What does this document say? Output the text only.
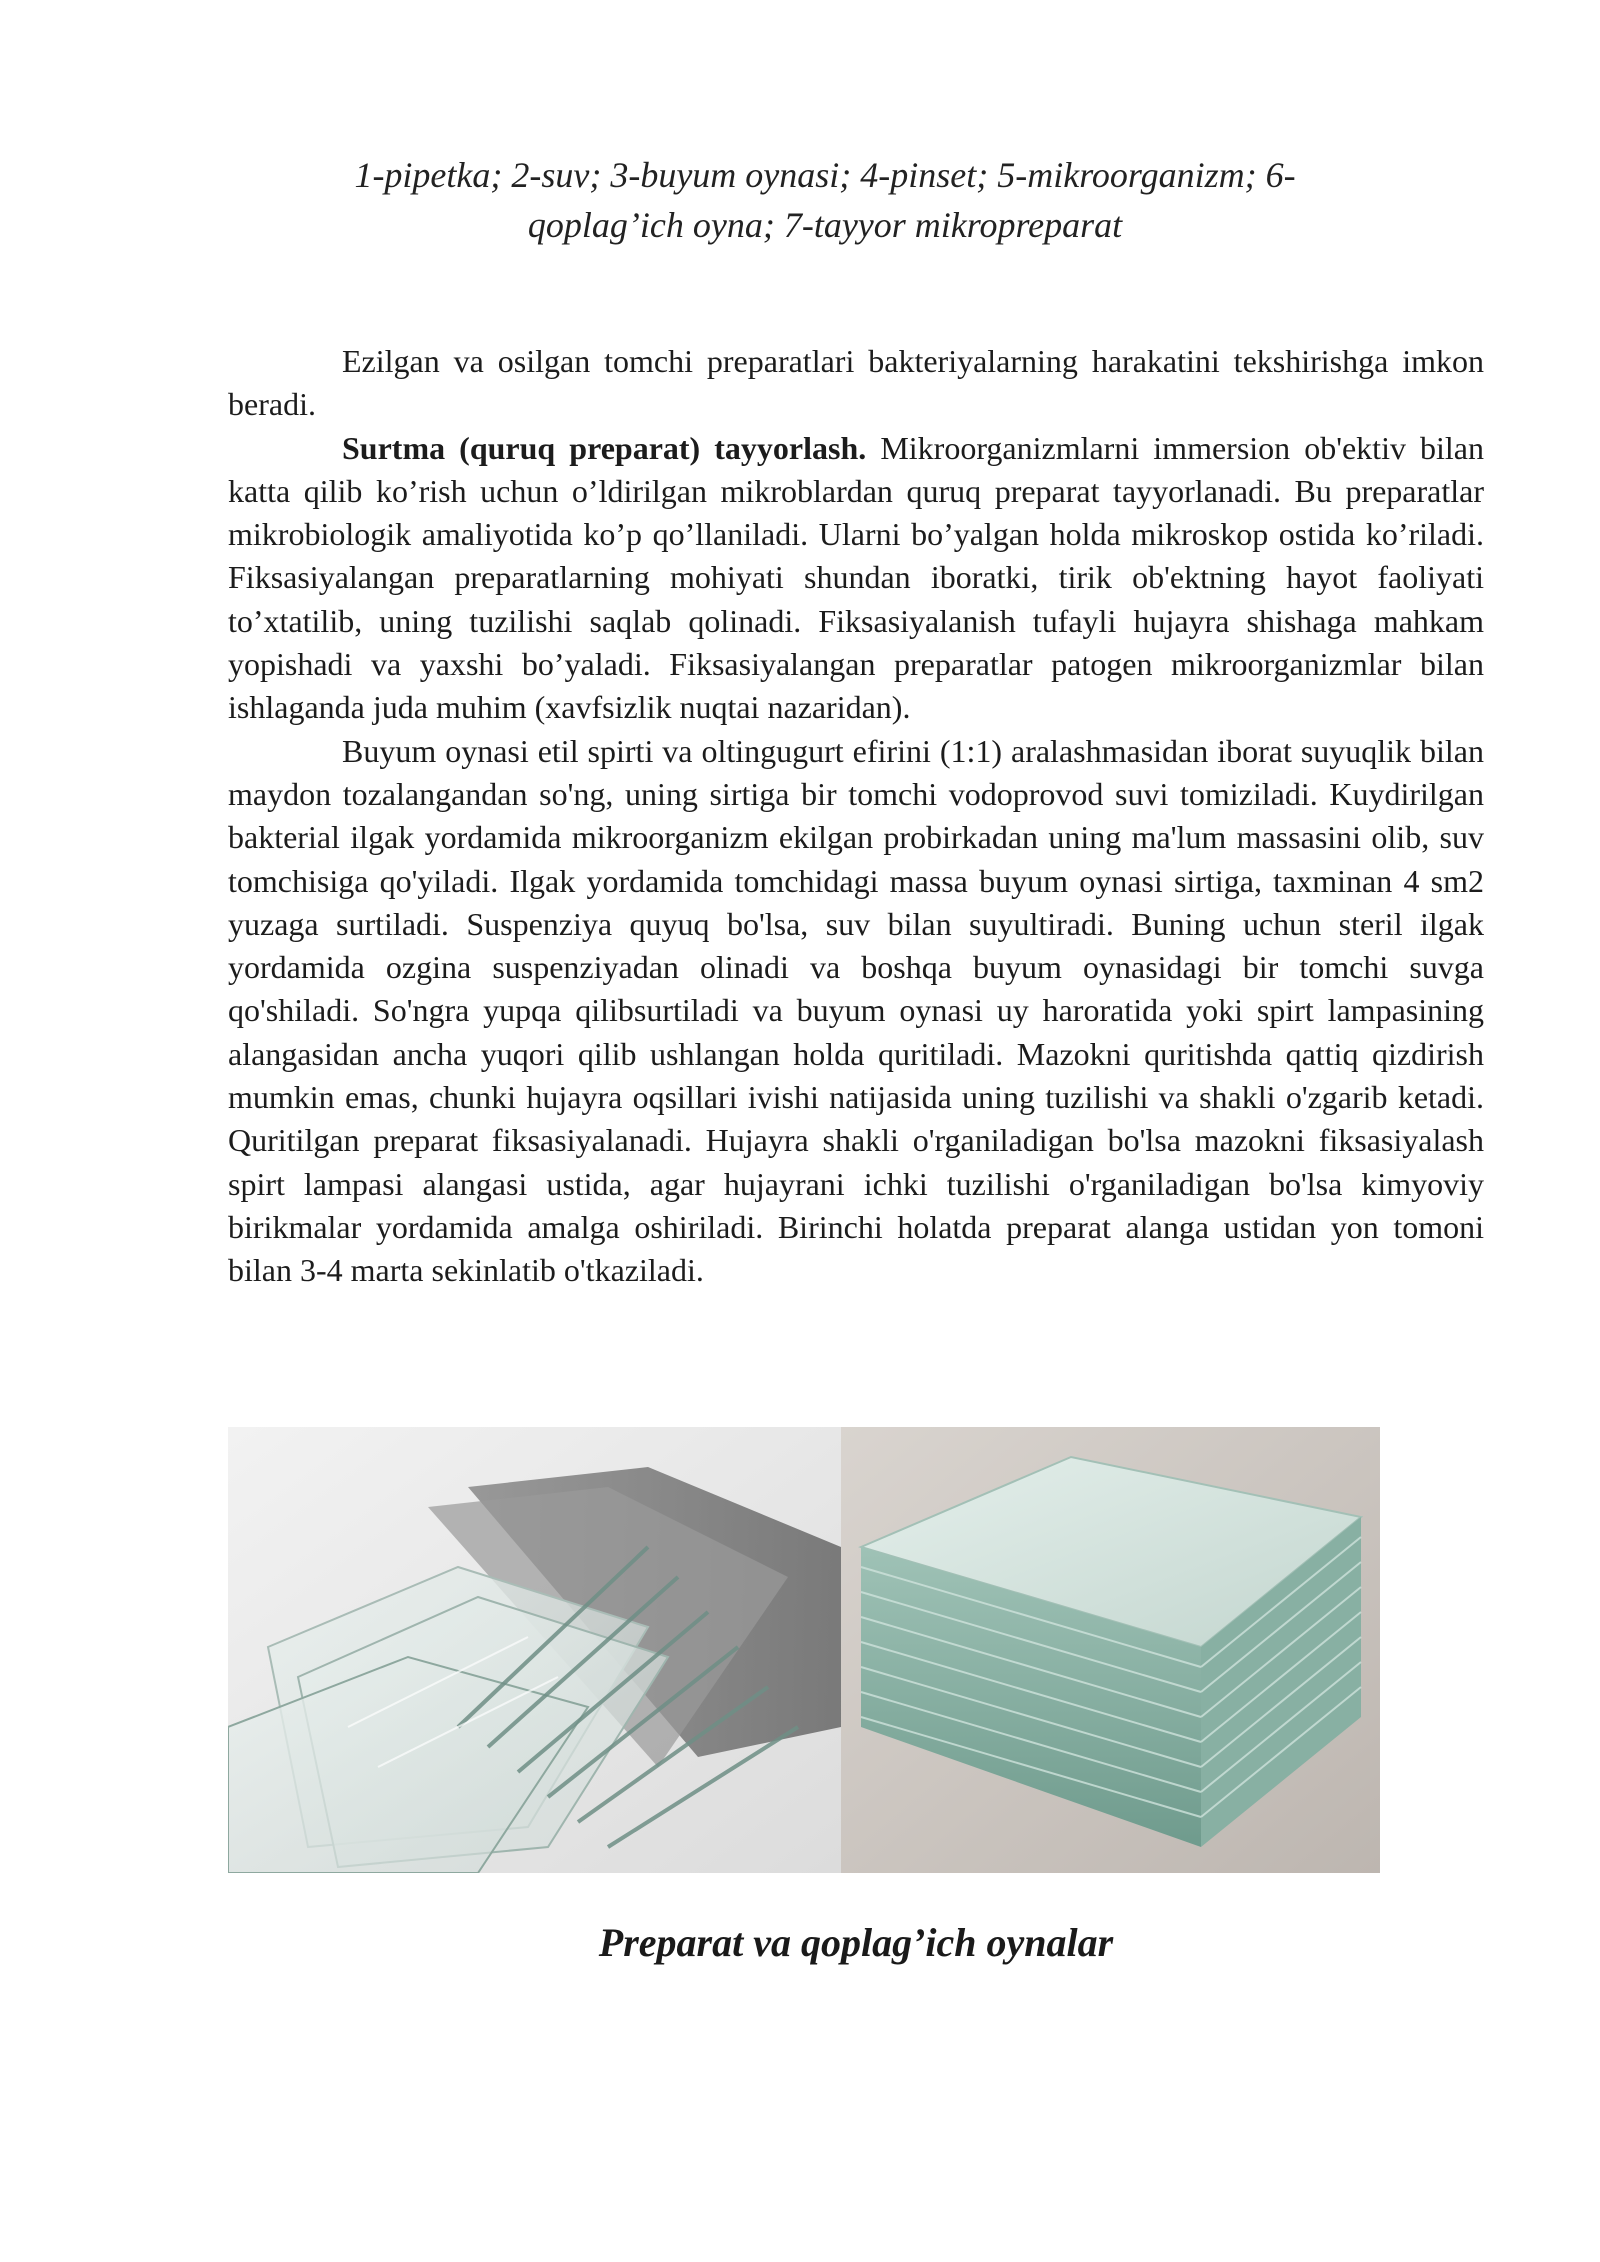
1-pipetka; 2-suv; 3-buyum oynasi; 4-pinset; 5-mikroorganizm; 6-
qoplag’ich oyna; 7-tayyor mikropreparat

Ezilgan va osilgan tomchi preparatlari bakteriyalarning harakatini tekshirishga imkon beradi.

Surtma (quruq preparat) tayyorlash. Mikroorganizmlarni immersion ob'ektiv bilan katta qilib ko’rish uchun o’ldirilgan mikroblardan quruq preparat tayyorlanadi. Bu preparatlar mikrobiologik amaliyotida ko’p qo’llaniladi. Ularni bo’yalgan holda mikroskop ostida ko’riladi. Fiksasiyalangan preparatlarning mohiyati shundan iboratki, tirik ob'ektning hayot faoliyati to’xtatilib, uning tuzilishi saqlab qolinadi. Fiksasiyalanish tufayli hujayra shishaga mahkam yopishadi va yaxshi bo’yaladi. Fiksasiyalangan preparatlar patogen mikroorganizmlar bilan ishlaganda juda muhim (xavfsizlik nuqtai nazaridan).

Buyum oynasi etil spirti va oltingugurt efirini (1:1) aralashmasidan iborat suyuqlik bilan maydon tozalangandan so'ng, uning sirtiga bir tomchi vodoprovod suvi tomiziladi. Kuydirilgan bakterial ilgak yordamida mikroorganizm ekilgan probirkadan uning ma'lum massasini olib, suv tomchisiga qo'yiladi. Ilgak yordamida tomchidagi massa buyum oynasi sirtiga, taxminan 4 sm2 yuzaga surtiladi. Suspenziya quyuq bo'lsa, suv bilan suyultiradi. Buning uchun steril ilgak yordamida ozgina suspenziyadan olinadi va boshqa buyum oynasidagi bir tomchi suvga qo'shiladi. So'ngra yupqa qilibsurtiladi va buyum oynasi uy haroratida yoki spirt lampasining alangasidan ancha yuqori qilib ushlangan holda quritiladi. Mazokni quritishda qattiq qizdirish mumkin emas, chunki hujayra oqsillari ivishi natijasida uning tuzilishi va shakli o'zgarib ketadi. Quritilgan preparat fiksasiyalanadi. Hujayra shakli o'rganiladigan bo'lsa mazokni fiksasiyalash spirt lampasi alangasi ustida, agar hujayrani ichki tuzilishi o'rganiladigan bo'lsa kimyoviy birikmalar yordamida amalga oshiriladi. Birinchi holatda preparat alanga ustidan yon tomoni bilan 3-4 marta sekinlatib o'tkaziladi.

Preparat va qoplag’ich oynalar
